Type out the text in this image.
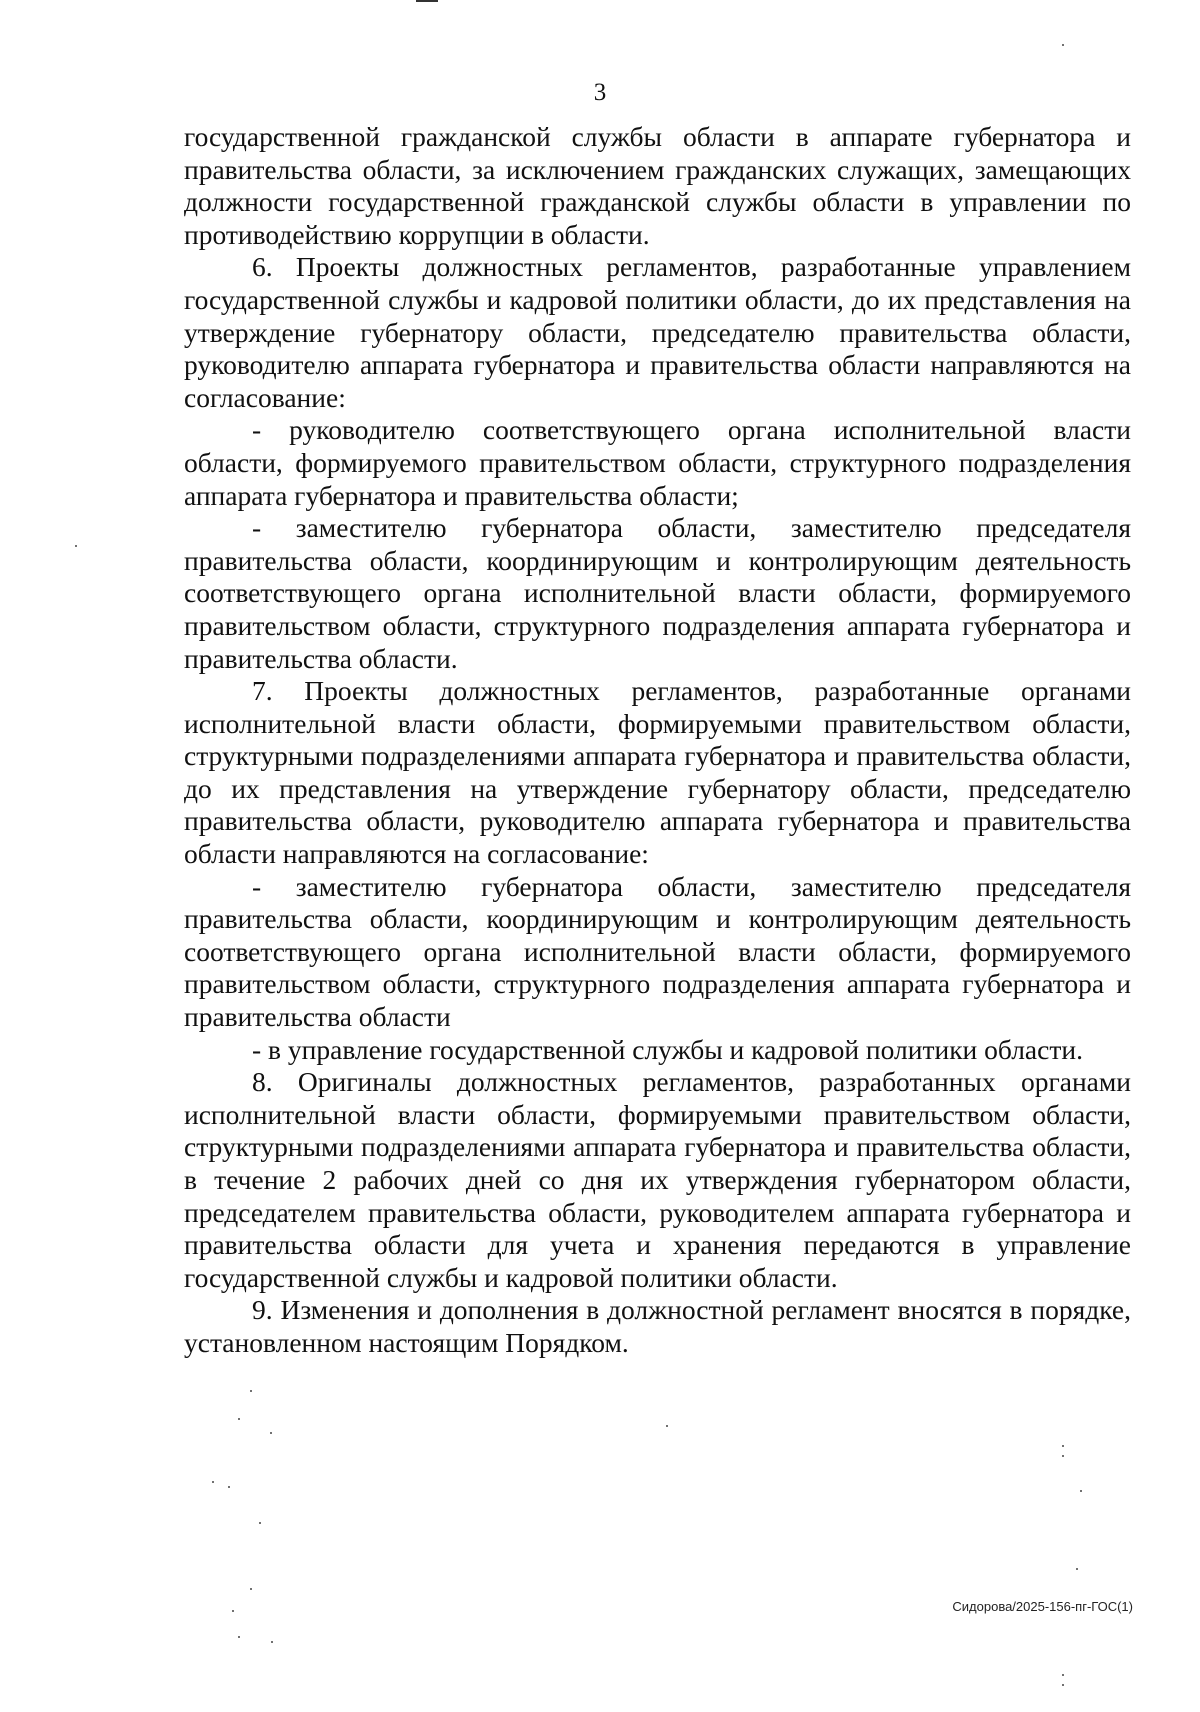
3

государственной гражданской службы области в аппарате губернатора и правительства области, за исключением гражданских служащих, замещающих должности государственной гражданской службы области в управлении по противодействию коррупции в области.

6. Проекты должностных регламентов, разработанные управлением государственной службы и кадровой политики области, до их представления на утверждение губернатору области, председателю правительства области, руководителю аппарата губернатора и правительства области направляются на согласование:

- руководителю соответствующего органа исполнительной власти области, формируемого правительством области, структурного подразделения аппарата губернатора и правительства области;

- заместителю губернатора области, заместителю председателя правительства области, координирующим и контролирующим деятельность соответствующего органа исполнительной власти области, формируемого правительством области, структурного подразделения аппарата губернатора и правительства области.

7. Проекты должностных регламентов, разработанные органами исполнительной власти области, формируемыми правительством области, структурными подразделениями аппарата губернатора и правительства области, до их представления на утверждение губернатору области, председателю правительства области, руководителю аппарата губернатора и правительства области направляются на согласование:

- заместителю губернатора области, заместителю председателя правительства области, координирующим и контролирующим деятельность соответствующего органа исполнительной власти области, формируемого правительством области, структурного подразделения аппарата губернатора и правительства области

- в управление государственной службы и кадровой политики области.

8. Оригиналы должностных регламентов, разработанных органами исполнительной власти области, формируемыми правительством области, структурными подразделениями аппарата губернатора и правительства области, в течение 2 рабочих дней со дня их утверждения губернатором области, председателем правительства области, руководителем аппарата губернатора и правительства области для учета и хранения передаются в управление государственной службы и кадровой политики области.

9. Изменения и дополнения в должностной регламент вносятся в порядке, установленном настоящим Порядком.

Сидорова/2025-156-пг-ГОС(1)
